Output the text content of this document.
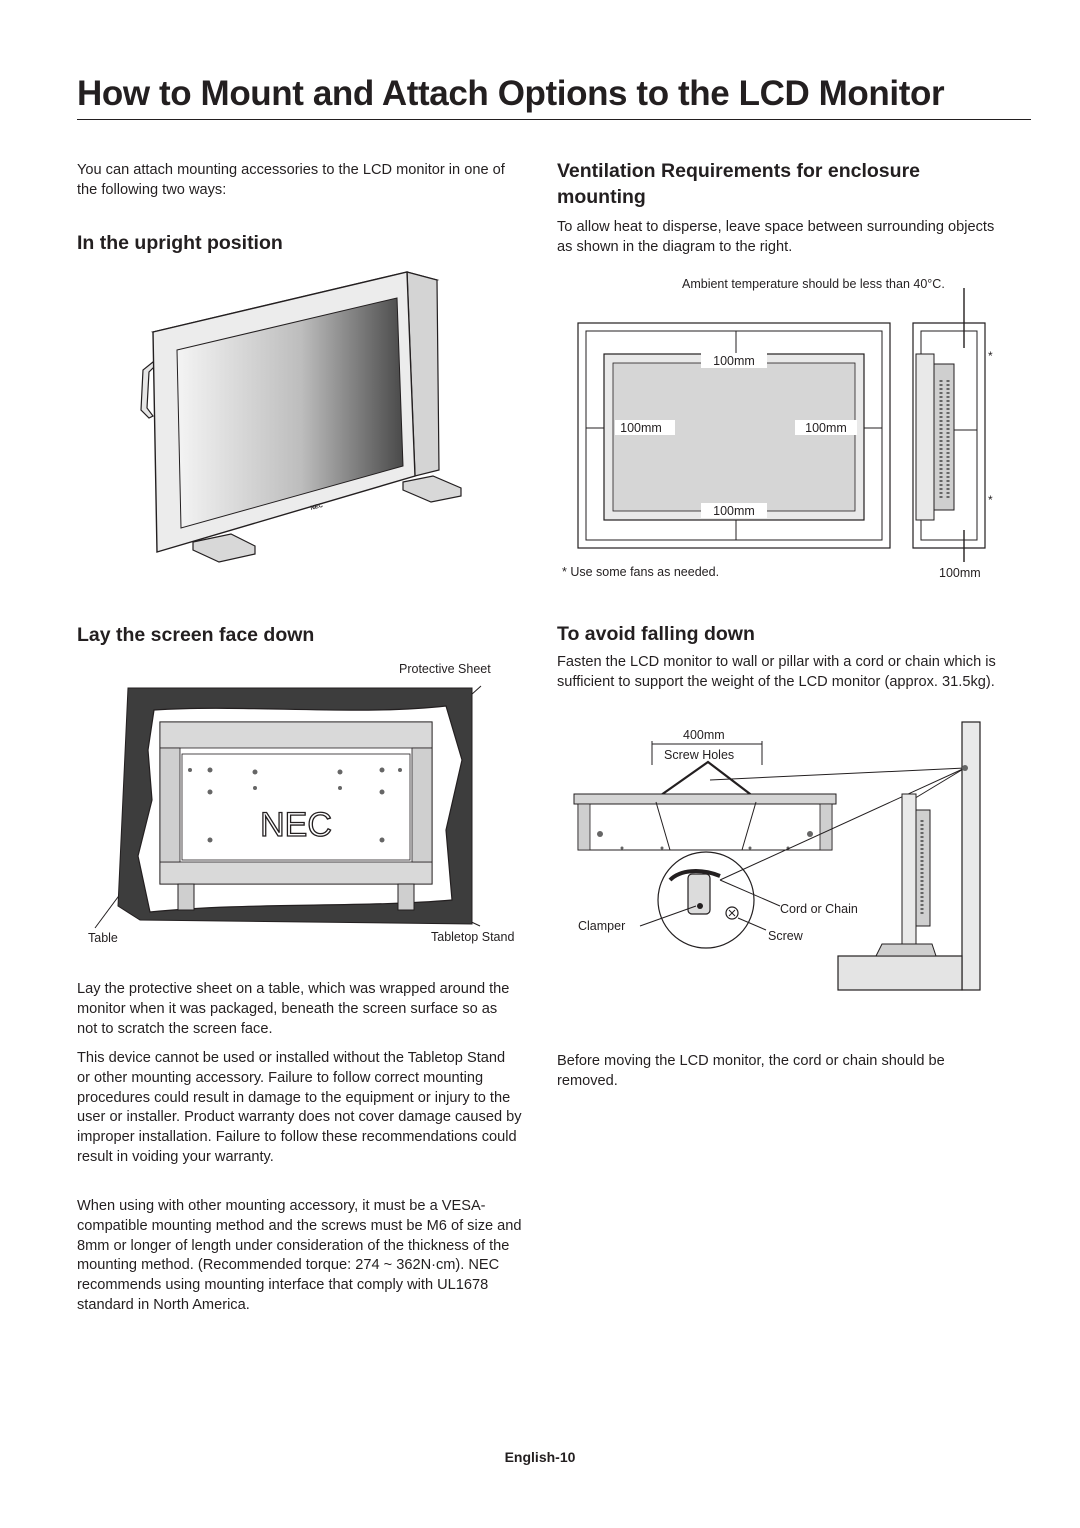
How to Mount and Attach Options to the LCD Monitor

You can attach mounting accessories to the LCD monitor in one of the following two ways:

In the upright position
NEC
Lay the screen face down
Protective Sheet
NEC
Table	Tabletop Stand

Lay the protective sheet on a table, which was wrapped around the monitor when it was packaged, beneath the screen surface so as not to scratch the screen face.

This device cannot be used or installed without the Tabletop Stand or other mounting accessory. Failure to follow correct mounting procedures could result in damage to the equipment or injury to the user or installer. Product warranty does not cover damage caused by improper installation. Failure to follow these recommendations could result in voiding your warranty.

When using with other mounting accessory, it must be a VESA-compatible mounting method and the screws must be M6 of size and 8mm or longer of length under consideration of the thickness of the mounting method. (Recommended torque: 274 ~ 362N·cm). NEC recommends using mounting interface that comply with UL1678 standard in North America.

Ventilation Requirements for enclosure mounting

To allow heat to disperse, leave space between surrounding objects as shown in the diagram to the right.

Ambient temperature should be less than 40°C.
100mm
100mm	100mm
100mm
*
*
* Use some fans as needed.	100mm
To avoid falling down

Fasten the LCD monitor to wall or pillar with a cord or chain which is sufficient to support the weight of the LCD monitor (approx. 31.5kg).

400mm
Screw Holes
Cord or Chain
Clamper
Screw

Before moving the LCD monitor, the cord or chain should be removed.

English-10
